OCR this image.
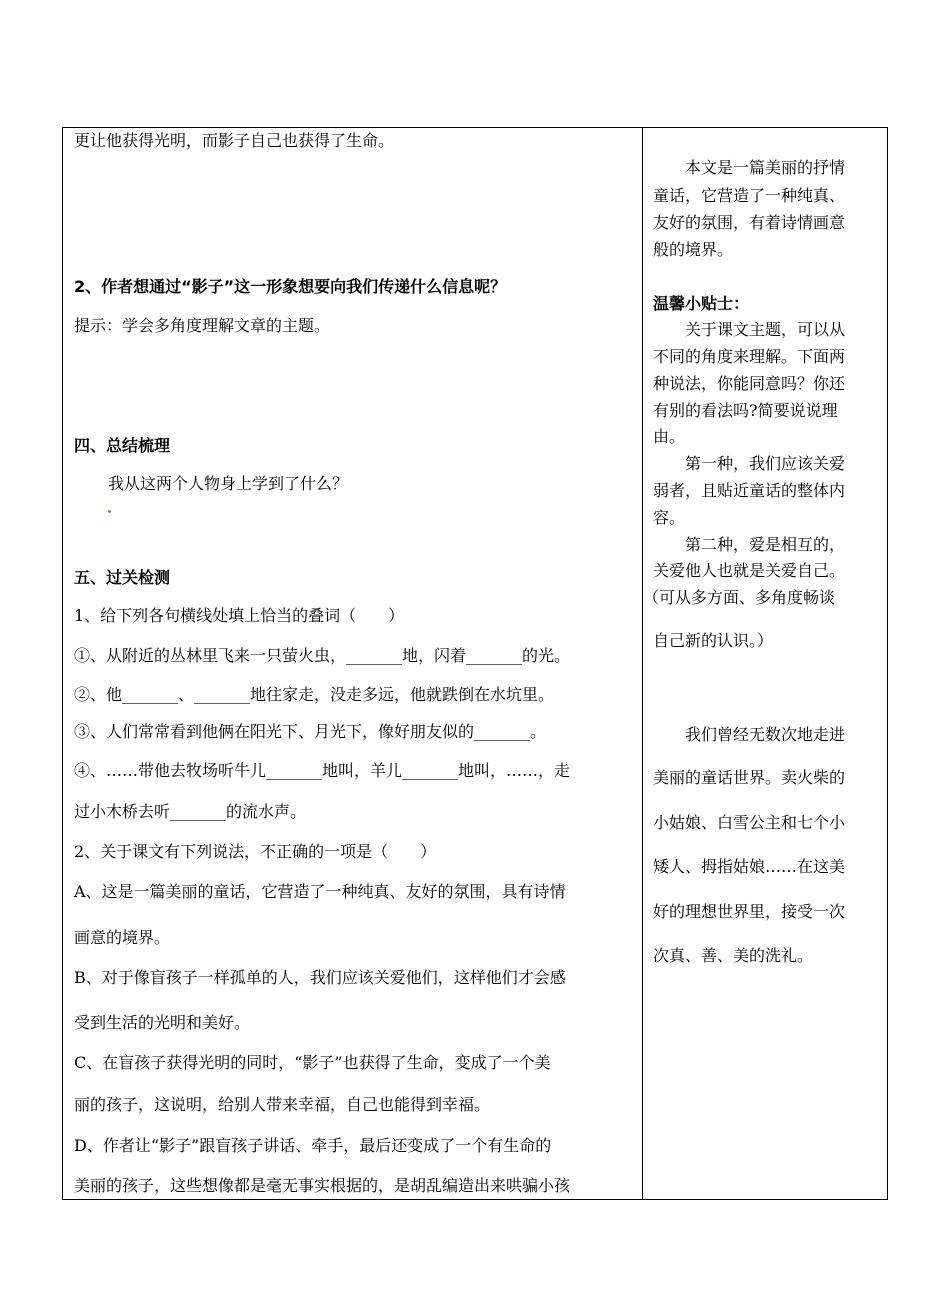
更让他获得光明，而影子自己也获得了生命。
2、作者想通过“影子”这一形象想要向我们传递什么信息呢？
提示：学会多角度理解文章的主题。
四、总结梳理
我从这两个人物身上学到了什么？
五、过关检测
1、给下列各句横线处填上恰当的叠词（　　）
①、从附近的丛林里飞来一只萤火虫，_______地，闪着_______的光。
②、他_______、_______地往家走，没走多远，他就跌倒在水坑里。
③、人们常常看到他俩在阳光下、月光下，像好朋友似的_______。
④、……带他去牧场听牛儿_______地叫，羊儿_______地叫，……，走
过小木桥去听_______的流水声。
2、关于课文有下列说法，不正确的一项是（　　）
A、这是一篇美丽的童话，它营造了一种纯真、友好的氛围，具有诗情
画意的境界。
B、对于像盲孩子一样孤单的人，我们应该关爱他们，这样他们才会感
受到生活的光明和美好。
C、在盲孩子获得光明的同时，“影子”也获得了生命，变成了一个美
丽的孩子，这说明，给别人带来幸福，自己也能得到幸福。
D、作者让“影子”跟盲孩子讲话、牵手，最后还变成了一个有生命的
美丽的孩子，这些想像都是毫无事实根据的，是胡乱编造出来哄骗小孩
　　本文是一篇美丽的抒情
童话，它营造了一种纯真、
友好的氛围，有着诗情画意
般的境界。
温馨小贴士：
　　关于课文主题，可以从
不同的角度来理解。下面两
种说法，你能同意吗？你还
有别的看法吗?简要说说理
由。
　　第一种，我们应该关爱
弱者，且贴近童话的整体内
容。
　　第二种，爱是相互的，
关爱他人也就是关爱自己。
（可从多方面、多角度畅谈
自己新的认识。）
　　我们曾经无数次地走进
美丽的童话世界。卖火柴的
小姑娘、白雪公主和七个小
矮人、拇指姑娘……在这美
好的理想世界里，接受一次
次真、善、美的洗礼。
